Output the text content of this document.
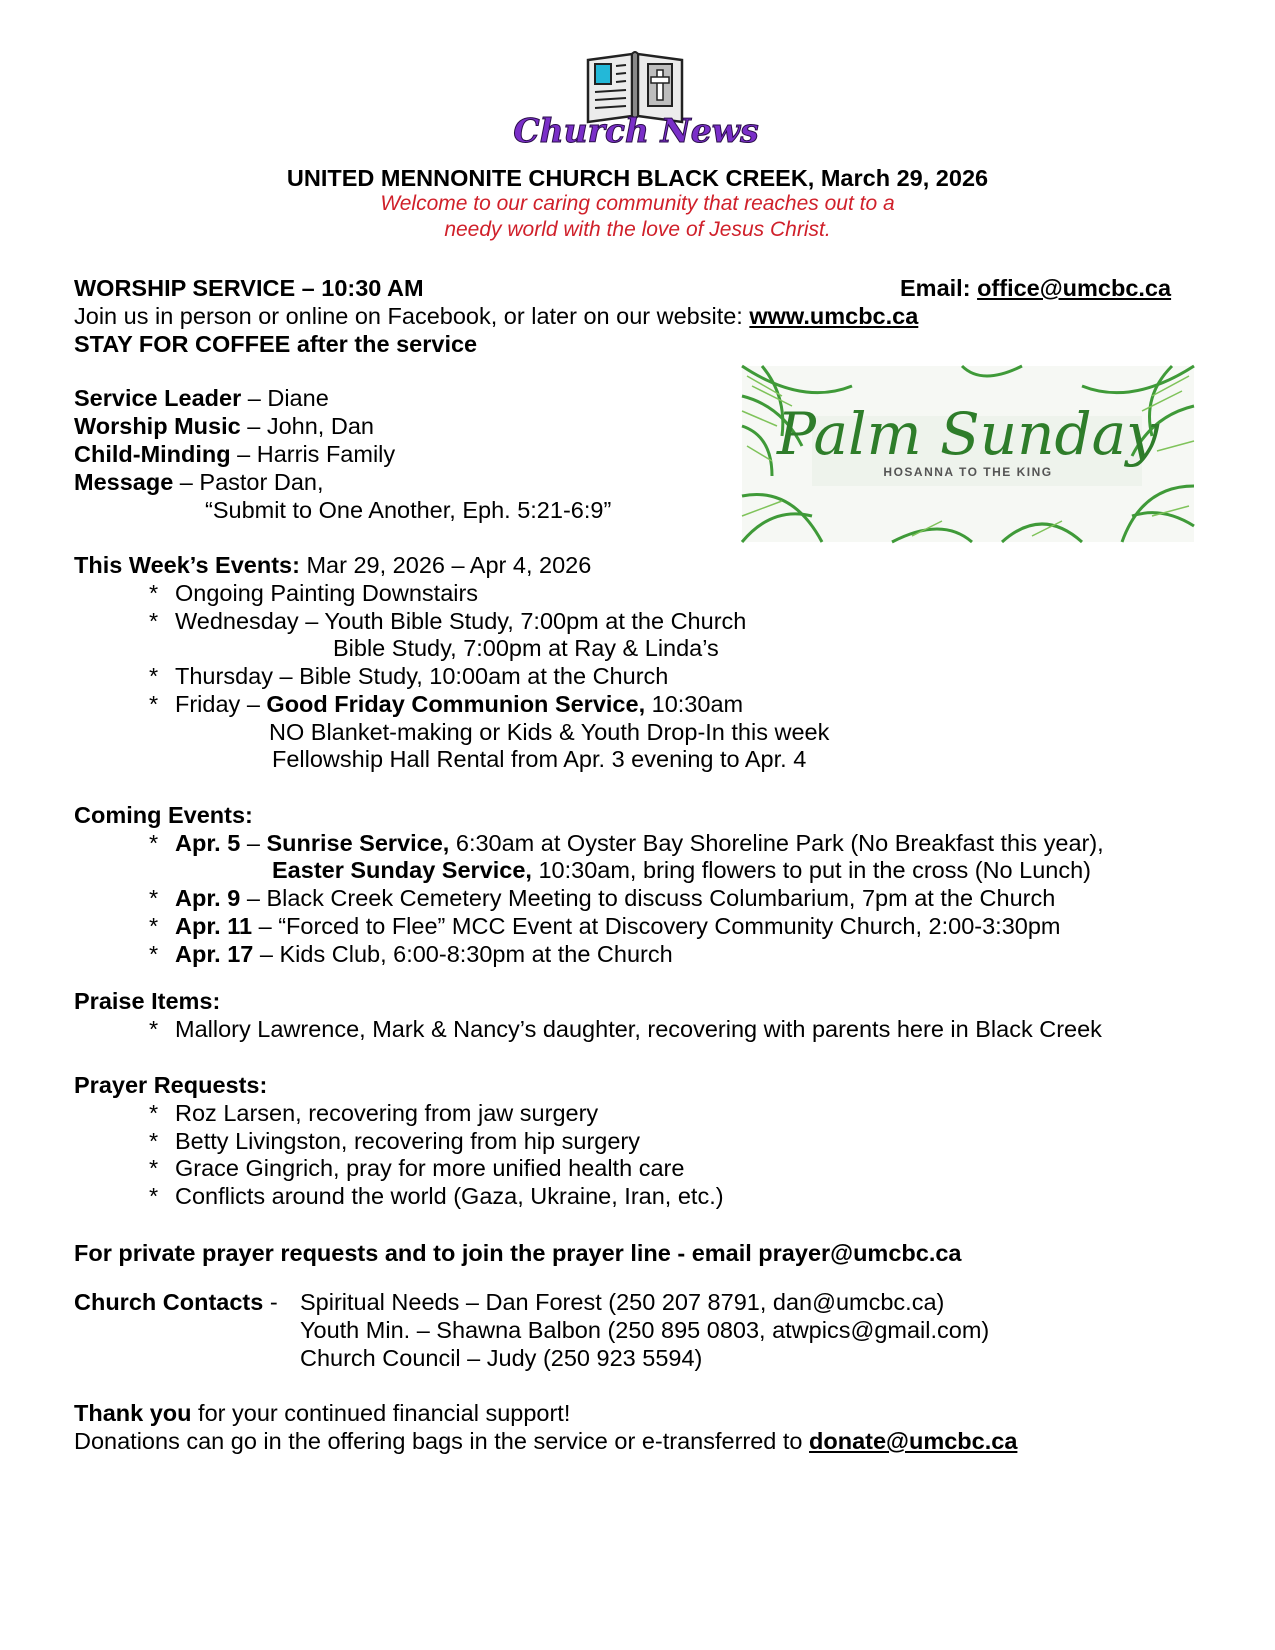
Church News
UNITED MENNONITE CHURCH BLACK CREEK, March 29, 2026
Welcome to our caring community that reaches out to a
needy world with the love of Jesus Christ.
WORSHIP SERVICE – 10:30 AM	Email: office@umcbc.ca
Join us in person or online on Facebook, or later on our website: www.umcbc.ca
STAY FOR COFFEE after the service
Palm Sunday
HOSANNA TO THE KING
Service Leader – Diane
Worship Music – John, Dan
Child-Minding – Harris Family
Message – Pastor Dan,
“Submit to One Another, Eph. 5:21-6:9”
This Week’s Events: Mar 29, 2026 – Apr 4, 2026
* Ongoing Painting Downstairs
* Wednesday – Youth Bible Study, 7:00pm at the Church
Bible Study, 7:00pm at Ray & Linda’s
* Thursday – Bible Study, 10:00am at the Church
* Friday – Good Friday Communion Service, 10:30am
NO Blanket-making or Kids & Youth Drop-In this week
Fellowship Hall Rental from Apr. 3 evening to Apr. 4
Coming Events:
* Apr. 5 – Sunrise Service, 6:30am at Oyster Bay Shoreline Park (No Breakfast this year),
Easter Sunday Service, 10:30am, bring flowers to put in the cross (No Lunch)
* Apr. 9 – Black Creek Cemetery Meeting to discuss Columbarium, 7pm at the Church
* Apr. 11 – “Forced to Flee” MCC Event at Discovery Community Church, 2:00-3:30pm
* Apr. 17 – Kids Club, 6:00-8:30pm at the Church
Praise Items:
* Mallory Lawrence, Mark & Nancy’s daughter, recovering with parents here in Black Creek
Prayer Requests:
* Roz Larsen, recovering from jaw surgery
* Betty Livingston, recovering from hip surgery
* Grace Gingrich, pray for more unified health care
* Conflicts around the world (Gaza, Ukraine, Iran, etc.)
For private prayer requests and to join the prayer line - email prayer@umcbc.ca
Church Contacts - Spiritual Needs – Dan Forest (250 207 8791, dan@umcbc.ca)
Youth Min. – Shawna Balbon (250 895 0803, atwpics@gmail.com)
Church Council – Judy (250 923 5594)
Thank you for your continued financial support!
Donations can go in the offering bags in the service or e-transferred to donate@umcbc.ca
